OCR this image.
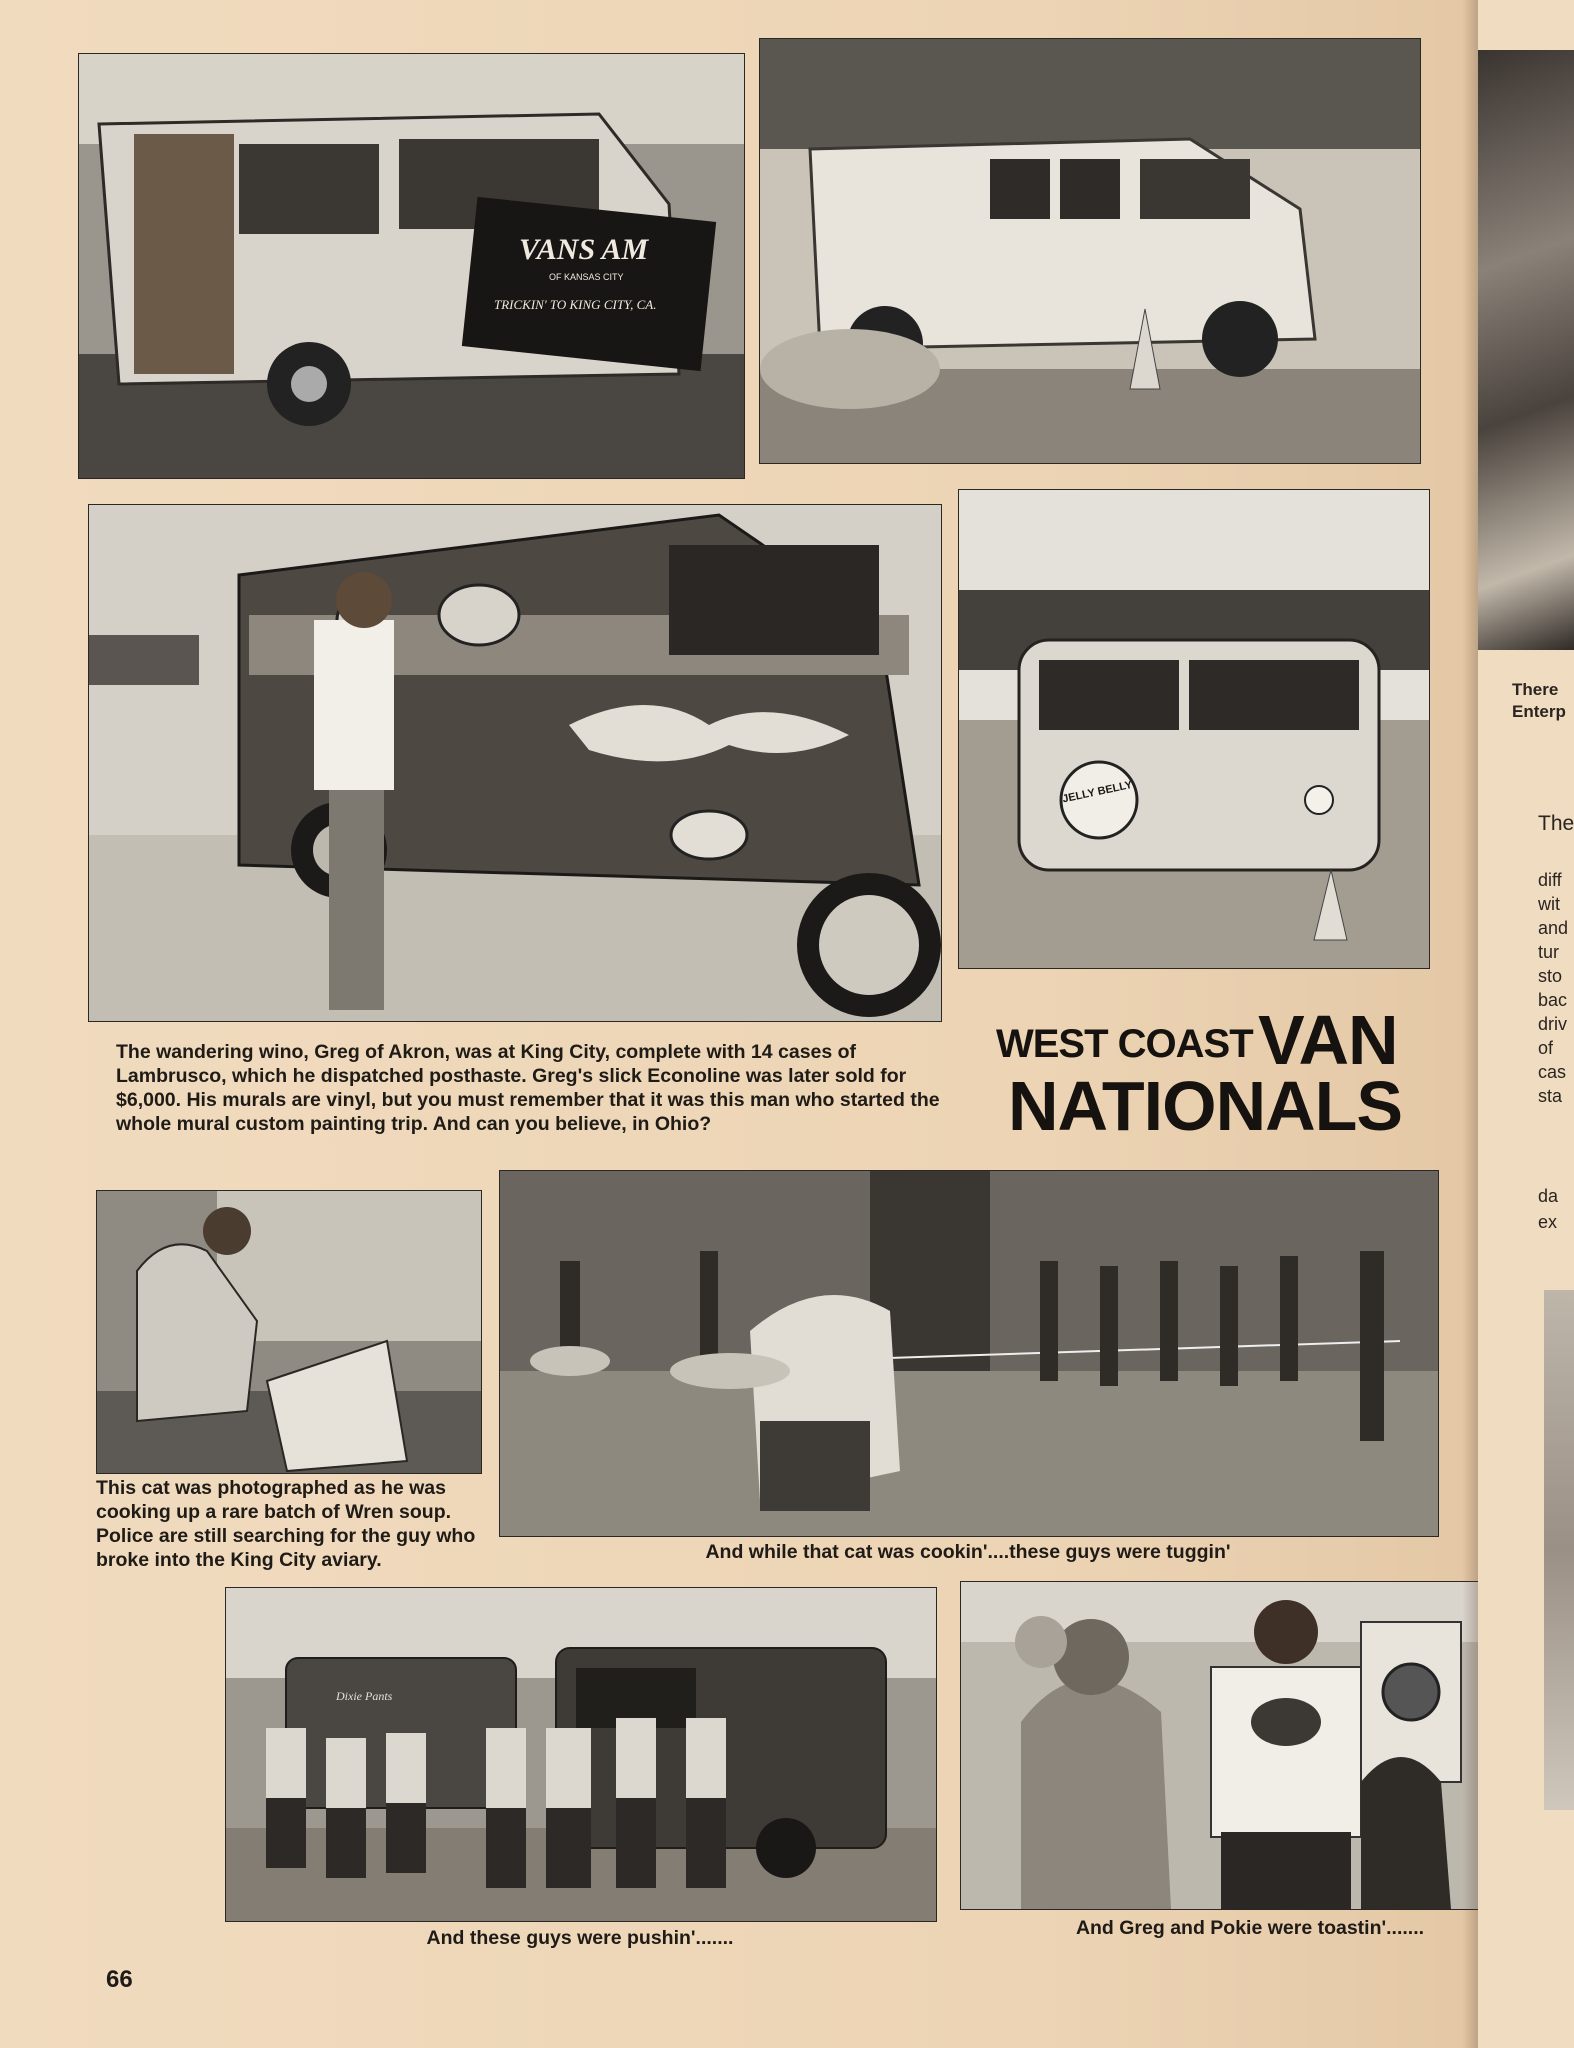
VANS AM
OF KANSAS CITY
TRICKIN' TO KING CITY, CA.
JELLY BELLY
WEST COAST VAN
NATIONALS
The wandering wino, Greg of Akron, was at King City, complete with 14 cases of Lambrusco, which he dispatched posthaste. Greg's slick Econoline was later sold for $6,000. His murals are vinyl, but you must remember that it was this man who started the whole mural custom painting trip. And can you believe, in Ohio?
This cat was photographed as he was cooking up a rare batch of Wren soup. Police are still searching for the guy who broke into the King City aviary.	And while that cat was cookin'....these guys were tuggin'
Dixie Pants
And these guys were pushin'.......	And Greg and Pokie were toastin'.......
66
There
Enterp
The
diff
wit
and
tur
sto
bac
driv
of
cas
sta
da
ex
